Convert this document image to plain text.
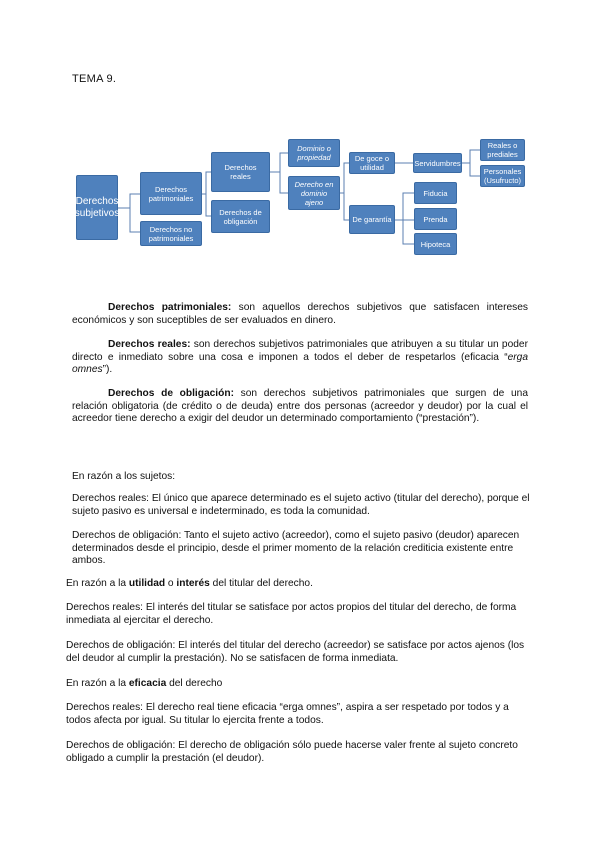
TEMA 9.
Derechos subjetivos
Derechos patrimoniales
Derechos no patrimoniales
Derechos reales
Derechos de obligación
Dominio o propiedad
Derecho en dominio ajeno
De goce o utilidad
De garantía
Servidumbres
Reales o prediales
Personales (Usufructo)
Fiducia
Prenda
Hipoteca
Derechos patrimoniales: son aquellos derechos subjetivos que satisfacen intereses económicos y son suceptibles de ser evaluados en dinero.
Derechos reales: son derechos subjetivos patrimoniales que atribuyen a su titular un poder directo e inmediato sobre una cosa e imponen a todos el deber de respetarlos (eficacia “erga omnes”).
Derechos de obligación: son derechos subjetivos patrimoniales que surgen de una relación obligatoria (de crédito o de deuda) entre dos personas (acreedor y deudor) por la cual el acreedor tiene derecho a exigir del deudor un determinado comportamiento (“prestación”).
En razón a los sujetos:
Derechos reales: El único que aparece determinado es el sujeto activo (titular del derecho), porque el sujeto pasivo es universal e indeterminado, es toda la comunidad.
Derechos de obligación: Tanto el sujeto activo (acreedor), como el sujeto pasivo (deudor) aparecen determinados desde el principio, desde el primer momento de la relación crediticia existente entre ambos.
En razón a la utilidad o interés del titular del derecho.
Derechos reales: El interés del titular se satisface por actos propios del titular del derecho, de forma inmediata al ejercitar el derecho.
Derechos de obligación: El interés del titular del derecho (acreedor) se satisface por actos ajenos (los del deudor al cumplir la prestación). No se satisfacen de forma inmediata.
En razón a la eficacia del derecho
Derechos reales: El derecho real tiene eficacia “erga omnes”, aspira a ser respetado por todos y a todos afecta por igual. Su titular lo ejercita frente a todos.
Derechos de obligación: El derecho de obligación sólo puede hacerse valer frente al sujeto concreto obligado a cumplir la prestación (el deudor).
